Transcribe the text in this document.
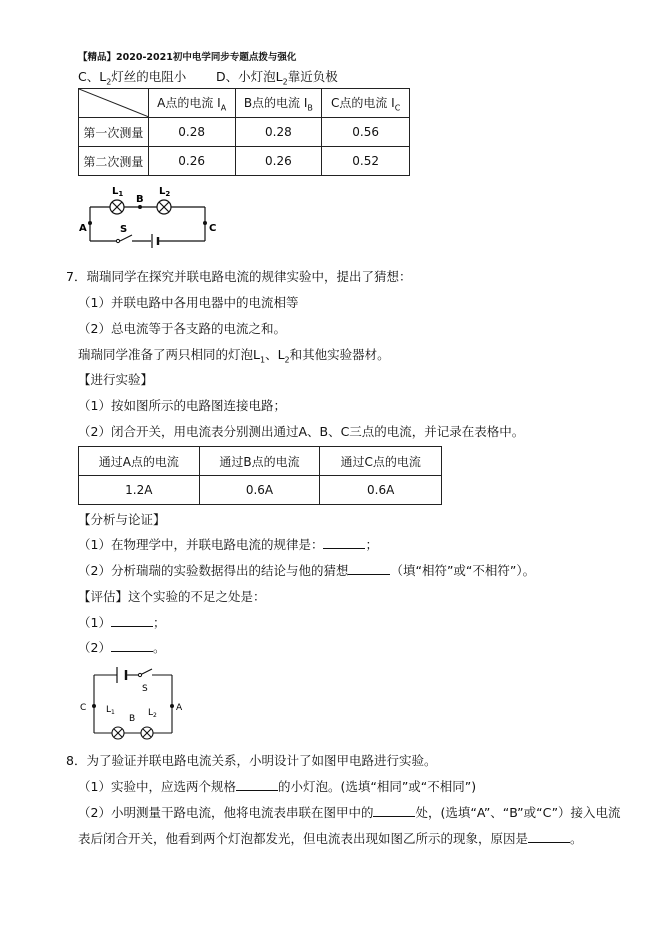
【精品】2020-2021初中电学同步专题点拨与强化
C、$L_2$灯丝的电阻小 D、小灯泡$L_2$靠近负极
	A点的电流 $I_A$	B点的电流 $I_B$	C点的电流 $I_C$
第一次测量	0.28	0.28	0.56
第二次测量	0.26	0.26	0.52
$L_1$	$L_2$
B
A	C
S
7．瑞瑞同学在探究并联电路电流的规律实验中，提出了猜想：
（1）并联电路中各用电器中的电流相等
（2）总电流等于各支路的电流之和。
瑞瑞同学准备了两只相同的灯泡$L_1$、$L_2$和其他实验器材。
【进行实验】
（1）按如图所示的电路图连接电路；
（2）闭合开关，用电流表分别测出通过A、B、C三点的电流，并记录在表格中。
通过A点的电流	通过B点的电流	通过C点的电流
1.2A	0.6A	0.6A
【分析与论证】
（1）在物理学中，并联电路电流的规律是：	；
（2）分析瑞瑞的实验数据得出的结论与他的猜想	（填“相符”或“不相符”）。
【评估】这个实验的不足之处是：
（1）	；
（2）	。
S
C	A
B
$L_1$	$L_2$
8．为了验证并联电路电流关系，小明设计了如图甲电路进行实验。
（1）实验中，应选两个规格	的小灯泡。(选填“相同”或“不相同”)
（2）小明测量干路电流，他将电流表串联在图甲中的	处，(选填“A”、“B”或“C”）接入电流
表后闭合开关，他看到两个灯泡都发光，但电流表出现如图乙所示的现象，原因是	。
